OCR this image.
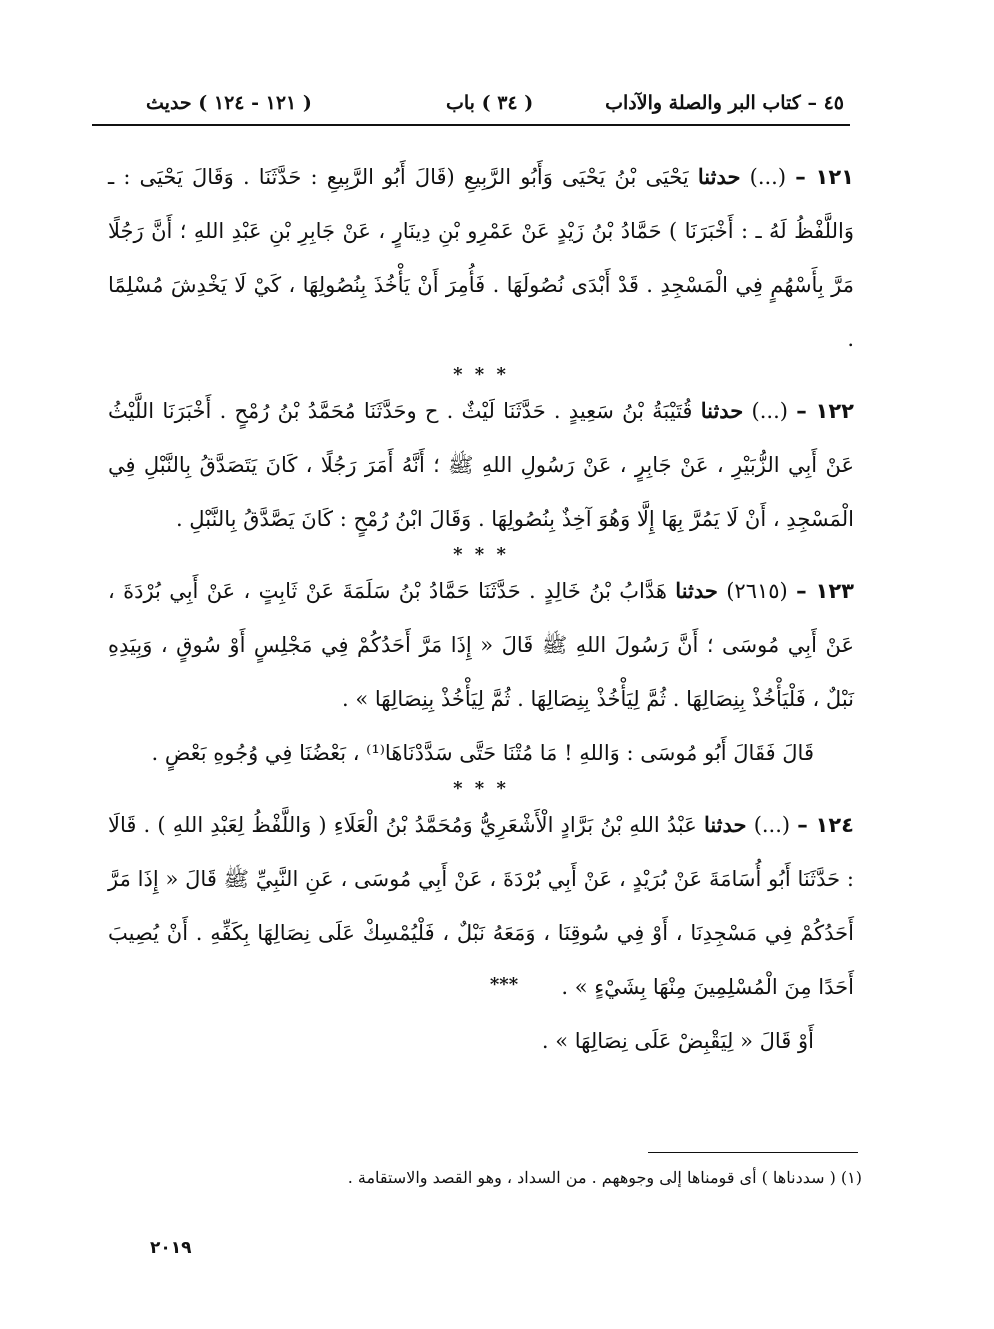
٤٥ – كتاب البر والصلة والآداب
( ٣٤ ) باب
( ١٢١ - ١٢٤ ) حديث

١٢١ – (...) حدثنا يَحْيَى بْنُ يَحْيَى وَأَبُو الرَّبِيعِ (قَالَ أَبُو الرَّبِيعِ : حَدَّثَنَا . وَقَالَ يَحْيَى : ـ وَاللَّفْظُ لَهُ ـ : أَخْبَرَنَا ) حَمَّادُ بْنُ زَيْدٍ عَنْ عَمْرِو بْنِ دِينَارٍ ، عَنْ جَابِرِ بْنِ عَبْدِ اللهِ ؛ أَنَّ رَجُلًا مَرَّ بِأَسْهُمٍ فِي الْمَسْجِدِ . قَدْ أَبْدَى نُصُولَهَا . فَأُمِرَ أَنْ يَأْخُذَ بِنُصُولِهَا ، كَيْ لَا يَخْدِشَ مُسْلِمًا .

* * *

١٢٢ – (...) حدثنا قُتَيْبَةُ بْنُ سَعِيدٍ . حَدَّثَنَا لَيْثٌ . ح وحَدَّثَنَا مُحَمَّدُ بْنُ رُمْحٍ . أَخْبَرَنَا اللَّيْثُ عَنْ أَبِي الزُّبَيْرِ ، عَنْ جَابِرٍ ، عَنْ رَسُولِ اللهِ ﷺ ؛ أَنَّهُ أَمَرَ رَجُلًا ، كَانَ يَتَصَدَّقُ بِالنَّبْلِ فِي الْمَسْجِدِ ، أَنْ لَا يَمُرَّ بِهَا إِلَّا وَهُوَ آخِذٌ بِنُصُولِهَا . وَقَالَ ابْنُ رُمْحٍ : كَانَ يَصَّدَّقُ بِالنَّبْلِ .

* * *

١٢٣ – (٢٦١٥) حدثنا هَدَّابُ بْنُ خَالِدٍ . حَدَّثَنَا حَمَّادُ بْنُ سَلَمَةَ عَنْ ثَابِتٍ ، عَنْ أَبِي بُرْدَةَ ، عَنْ أَبِي مُوسَى ؛ أَنَّ رَسُولَ اللهِ ﷺ قَالَ « إِذَا مَرَّ أَحَدُكُمْ فِي مَجْلِسٍ أَوْ سُوقٍ ، وَبِيَدِهِ نَبْلٌ ، فَلْيَأْخُذْ بِنِصَالِهَا . ثُمَّ لِيَأْخُذْ بِنِصَالِهَا . ثُمَّ لِيَأْخُذْ بِنِصَالِهَا » .

قَالَ فَقَالَ أَبُو مُوسَى : وَاللهِ ! مَا مُتْنَا حَتَّى سَدَّدْنَاهَا⁽¹⁾ ، بَعْضُنَا فِي وُجُوهِ بَعْضٍ .

* * *

١٢٤ – (...) حدثنا عَبْدُ اللهِ بْنُ بَرَّادٍ الْأَشْعَرِيُّ وَمُحَمَّدُ بْنُ الْعَلَاءِ ( وَاللَّفْظُ لِعَبْدِ اللهِ ) . قَالَا : حَدَّثَنَا أَبُو أُسَامَةَ عَنْ بُرَيْدٍ ، عَنْ أَبِي بُرْدَةَ ، عَنْ أَبِي مُوسَى ، عَنِ النَّبِيِّ ﷺ قَالَ « إِذَا مَرَّ أَحَدُكُمْ فِي مَسْجِدِنَا ، أَوْ فِي سُوقِنَا ، وَمَعَهُ نَبْلٌ ، فَلْيُمْسِكْ عَلَى نِصَالِهَا بِكَفِّهِ . أَنْ يُصِيبَ أَحَدًا مِنَ الْمُسْلِمِينَ مِنْهَا بِشَيْءٍ » .

أَوْ قَالَ « لِيَقْبِضْ عَلَى نِصَالِهَا » .

***
(١) ( سددناها ) أى قومناها إلى وجوههم . من السداد ، وهو القصد والاستقامة .
٢٠١٩
